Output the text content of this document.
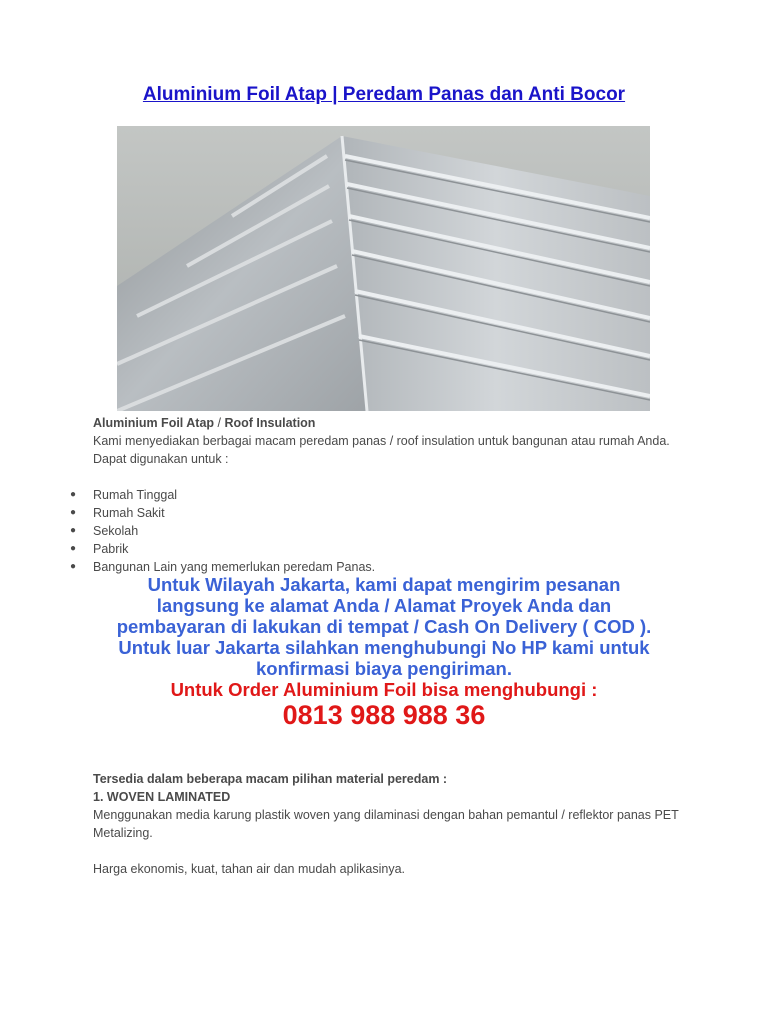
Aluminium Foil Atap | Peredam Panas dan Anti Bocor
Aluminium Foil Atap / Roof Insulation
Kami menyediakan berbagai macam peredam panas / roof insulation untuk bangunan atau rumah Anda. Dapat digunakan untuk :
● Rumah Tinggal
● Rumah Sakit
● Sekolah
● Pabrik
● Bangunan Lain yang memerlukan peredam Panas.
Untuk Wilayah Jakarta, kami dapat mengirim pesanan
langsung ke alamat Anda / Alamat Proyek Anda dan
pembayaran di lakukan di tempat / Cash On Delivery ( COD ).
Untuk luar Jakarta silahkan menghubungi No HP kami untuk
konfirmasi biaya pengiriman.
Untuk Order Aluminium Foil bisa menghubungi :
0813 988 988 36
Tersedia dalam beberapa macam pilihan material peredam :
1. WOVEN LAMINATED
Menggunakan media karung plastik woven yang dilaminasi dengan bahan pemantul / reflektor panas PET Metalizing.
Harga ekonomis, kuat, tahan air dan mudah aplikasinya.
